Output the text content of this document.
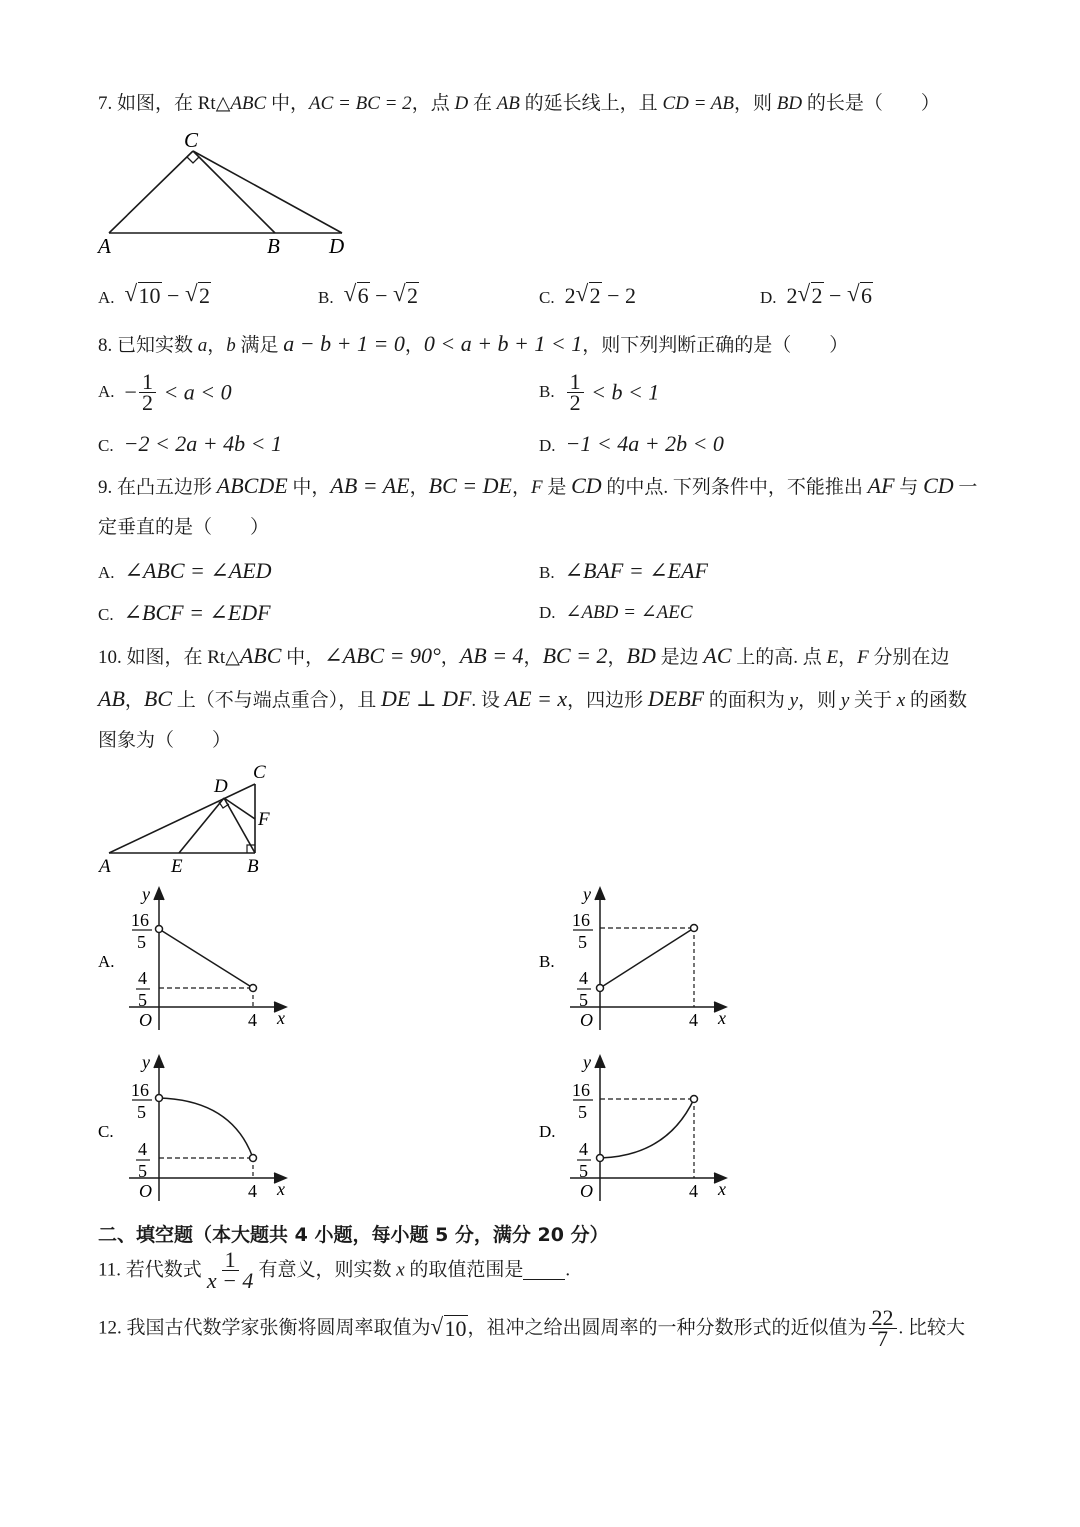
7. 如图，在 Rt△ABC 中，AC = BC = 2，点 D 在 AB 的延长线上，且 CD = AB，则 BD 的长是（　　）
C
A	B D
A. √ 10 − √ 2	B. √ 6 − √ 2	C. 2 √ 2 − 2	D. 2 √ 2 − √ 6
8. 已知实数 a，b 满足 a − b + 1 = 0，0 < a + b + 1 < 1，则下列判断正确的是（　　）
A. − $\frac{1}{2} < a < 0$	B. $\frac{1}{2} < b < 1$
C. −2 < 2a + 4b < 1	D. −1 < 4a + 2b < 0
9. 在凸五边形 ABCDE 中，AB = AE，BC = DE，F 是 CD 的中点. 下列条件中，不能推出 AF 与 CD 一
定垂直的是（　　）
A. ∠ABC = ∠AED	B. ∠BAF = ∠EAF
C. ∠BCF = ∠EDF	D. ∠ABD = ∠AEC
10. 如图，在 Rt△ABC 中，∠ABC = 90°，AB = 4，BC = 2，BD 是边 AC 上的高. 点 E，F 分别在边
AB，BC 上（不与端点重合），且 DE ⊥ DF. 设 AE = x，四边形 DEBF 的面积为 y，则 y 关于 x 的函数
图象为（　　）
D
C
F
A	E	B
A.
y
16
5
4
5
O	4 x
B.
y
16
5
4
5
O	4 x
C.
y
16
5
4
5
O	4 x
D.
y
16
5
4
5
O	4 x
二、填空题（本大题共 4 小题，每小题 5 分，满分 20 分）
11. 若代数式 $\frac{1}{x - 4}$ 有意义，则实数 x 的取值范围是 .
12. 我国古代数学家张衡将圆周率取值为 √ 10，祖冲之给出圆周率的一种分数形式的近似值为 $\frac{22}{7}$ . 比较大
